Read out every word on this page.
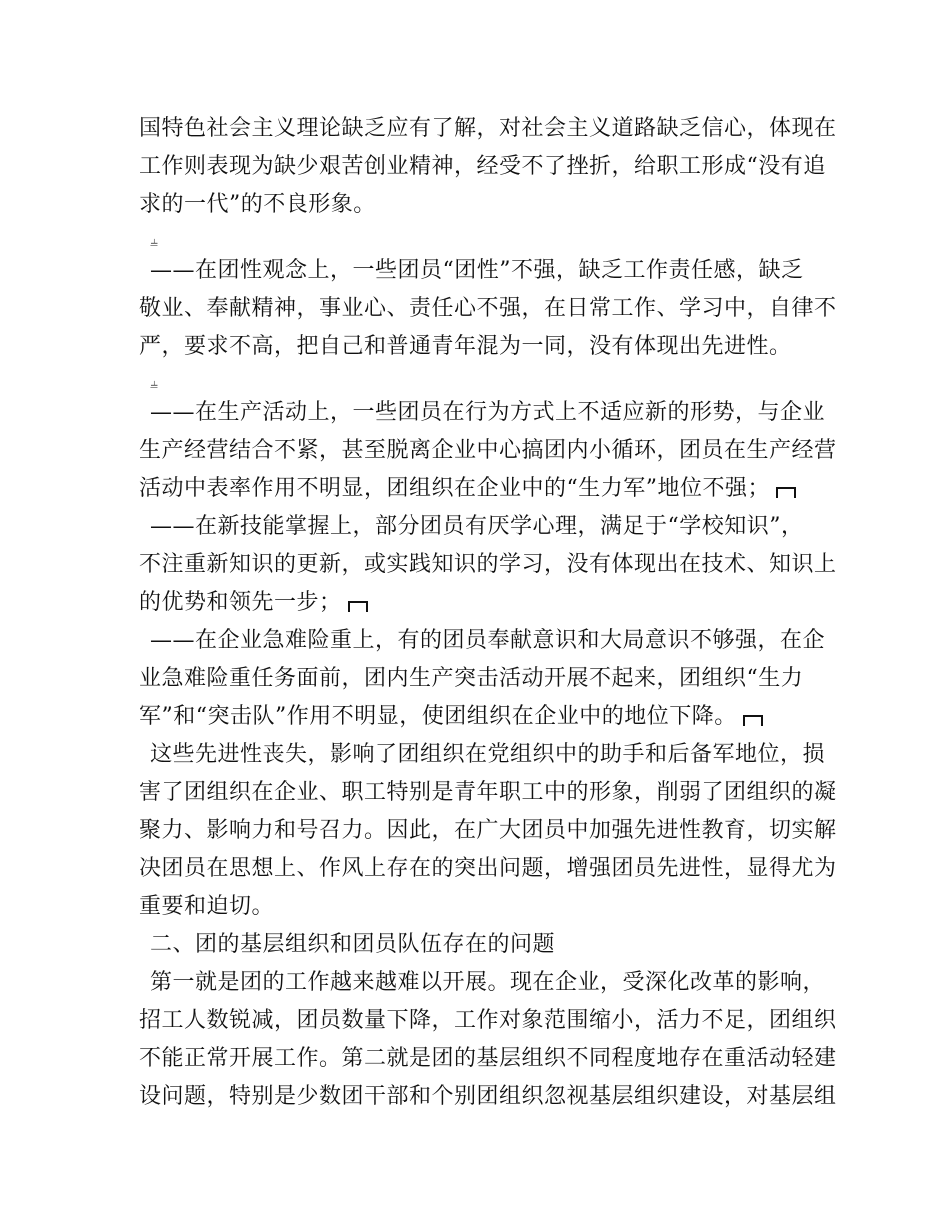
国特色社会主义理论缺乏应有了解，对社会主义道路缺乏信心，体现在
工作则表现为缺少艰苦创业精神，经受不了挫折，给职工形成“没有追
求的一代”的不良形象。
⫨
——在团性观念上，一些团员“团性”不强，缺乏工作责任感，缺乏
敬业、奉献精神，事业心、责任心不强，在日常工作、学习中，自律不
严，要求不高，把自己和普通青年混为一同，没有体现出先进性。
⫨
——在生产活动上，一些团员在行为方式上不适应新的形势，与企业
生产经营结合不紧，甚至脱离企业中心搞团内小循环，团员在生产经营
活动中表率作用不明显，团组织在企业中的“生力军”地位不强；
——在新技能掌握上，部分团员有厌学心理，满足于“学校知识”，
不注重新知识的更新，或实践知识的学习，没有体现出在技术、知识上
的优势和领先一步；
——在企业急难险重上，有的团员奉献意识和大局意识不够强，在企
业急难险重任务面前，团内生产突击活动开展不起来，团组织“生力
军”和“突击队”作用不明显，使团组织在企业中的地位下降。
这些先进性丧失，影响了团组织在党组织中的助手和后备军地位，损
害了团组织在企业、职工特别是青年职工中的形象，削弱了团组织的凝
聚力、影响力和号召力。因此，在广大团员中加强先进性教育，切实解
决团员在思想上、作风上存在的突出问题，增强团员先进性，显得尤为
重要和迫切。
二、团的基层组织和团员队伍存在的问题
第一就是团的工作越来越难以开展。现在企业，受深化改革的影响，
招工人数锐减，团员数量下降，工作对象范围缩小，活力不足，团组织
不能正常开展工作。第二就是团的基层组织不同程度地存在重活动轻建
设问题，特别是少数团干部和个别团组织忽视基层组织建设，对基层组
